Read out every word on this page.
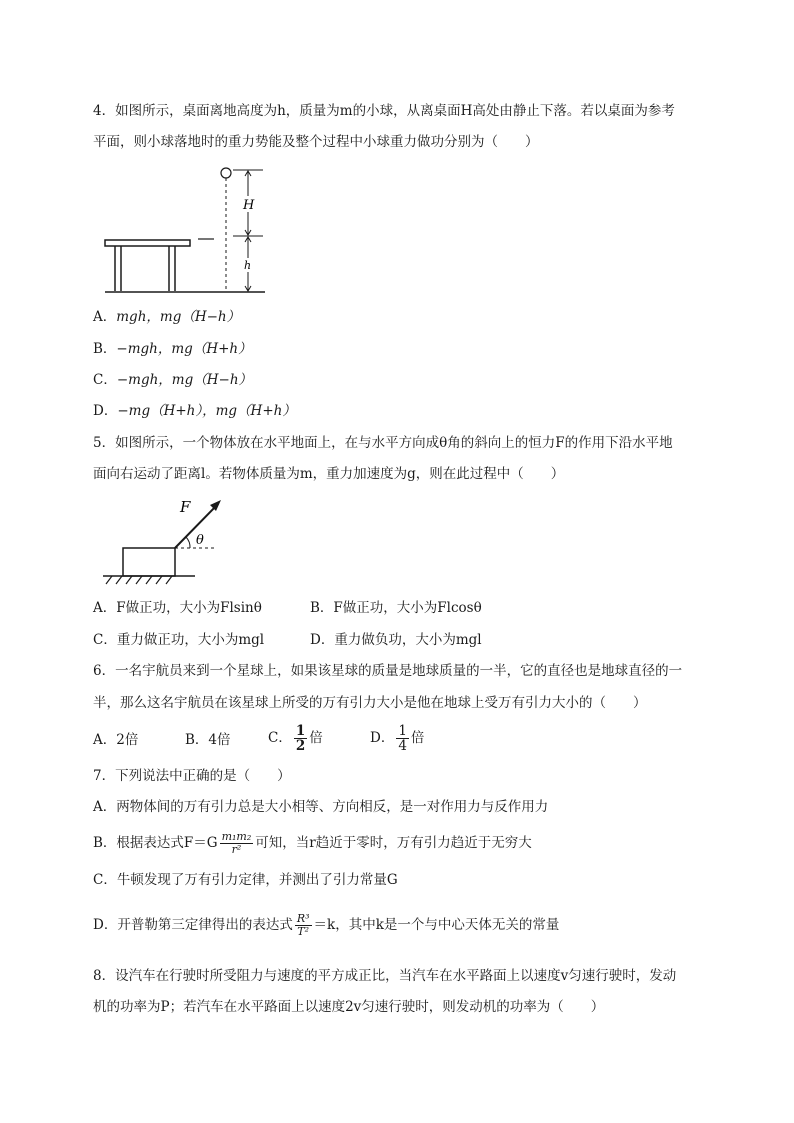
4．如图所示，桌面离地高度为h，质量为m的小球，从离桌面H高处由静止下落。若以桌面为参考
平面，则小球落地时的重力势能及整个过程中小球重力做功分别为（　　）
H
h
A．mgh，mg（H−h）
B．−mgh，mg（H+h）
C．−mgh，mg（H−h）
D．−mg（H+h），mg（H+h）
5．如图所示，一个物体放在水平地面上，在与水平方向成θ角的斜向上的恒力F的作用下沿水平地
面向右运动了距离l。若物体质量为m，重力加速度为g，则在此过程中（　　）
F
θ
A．F做正功，大小为Flsinθ	B．F做正功，大小为Flcosθ
C．重力做正功，大小为mgl	D．重力做负功，大小为mgl
6．一名宇航员来到一个星球上，如果该星球的质量是地球质量的一半，它的直径也是地球直径的一
半，那么这名宇航员在该星球上所受的万有引力大小是他在地球上受万有引力大小的（　　）
A．2倍	B．4倍	C． $\frac{1}{2}$ 倍	D． $\frac{1}{4}$ 倍
7．下列说法中正确的是（　　）
A．两物体间的万有引力总是大小相等、方向相反，是一对作用力与反作用力
B．根据表达式$F=G \frac{\text{m₁m₂}}{\text{r²}}$ 可知，当r趋近于零时，万有引力趋近于无穷大
C．牛顿发现了万有引力定律，并测出了引力常量G
D．开普勒第三定律得出的表达式 $\frac{\text{R³}}{\text{T²}} =k$，其中k是一个与中心天体无关的常量
8．设汽车在行驶时所受阻力与速度的平方成正比，当汽车在水平路面上以速度v匀速行驶时，发动
机的功率为P；若汽车在水平路面上以速度2v匀速行驶时，则发动机的功率为（　　）
